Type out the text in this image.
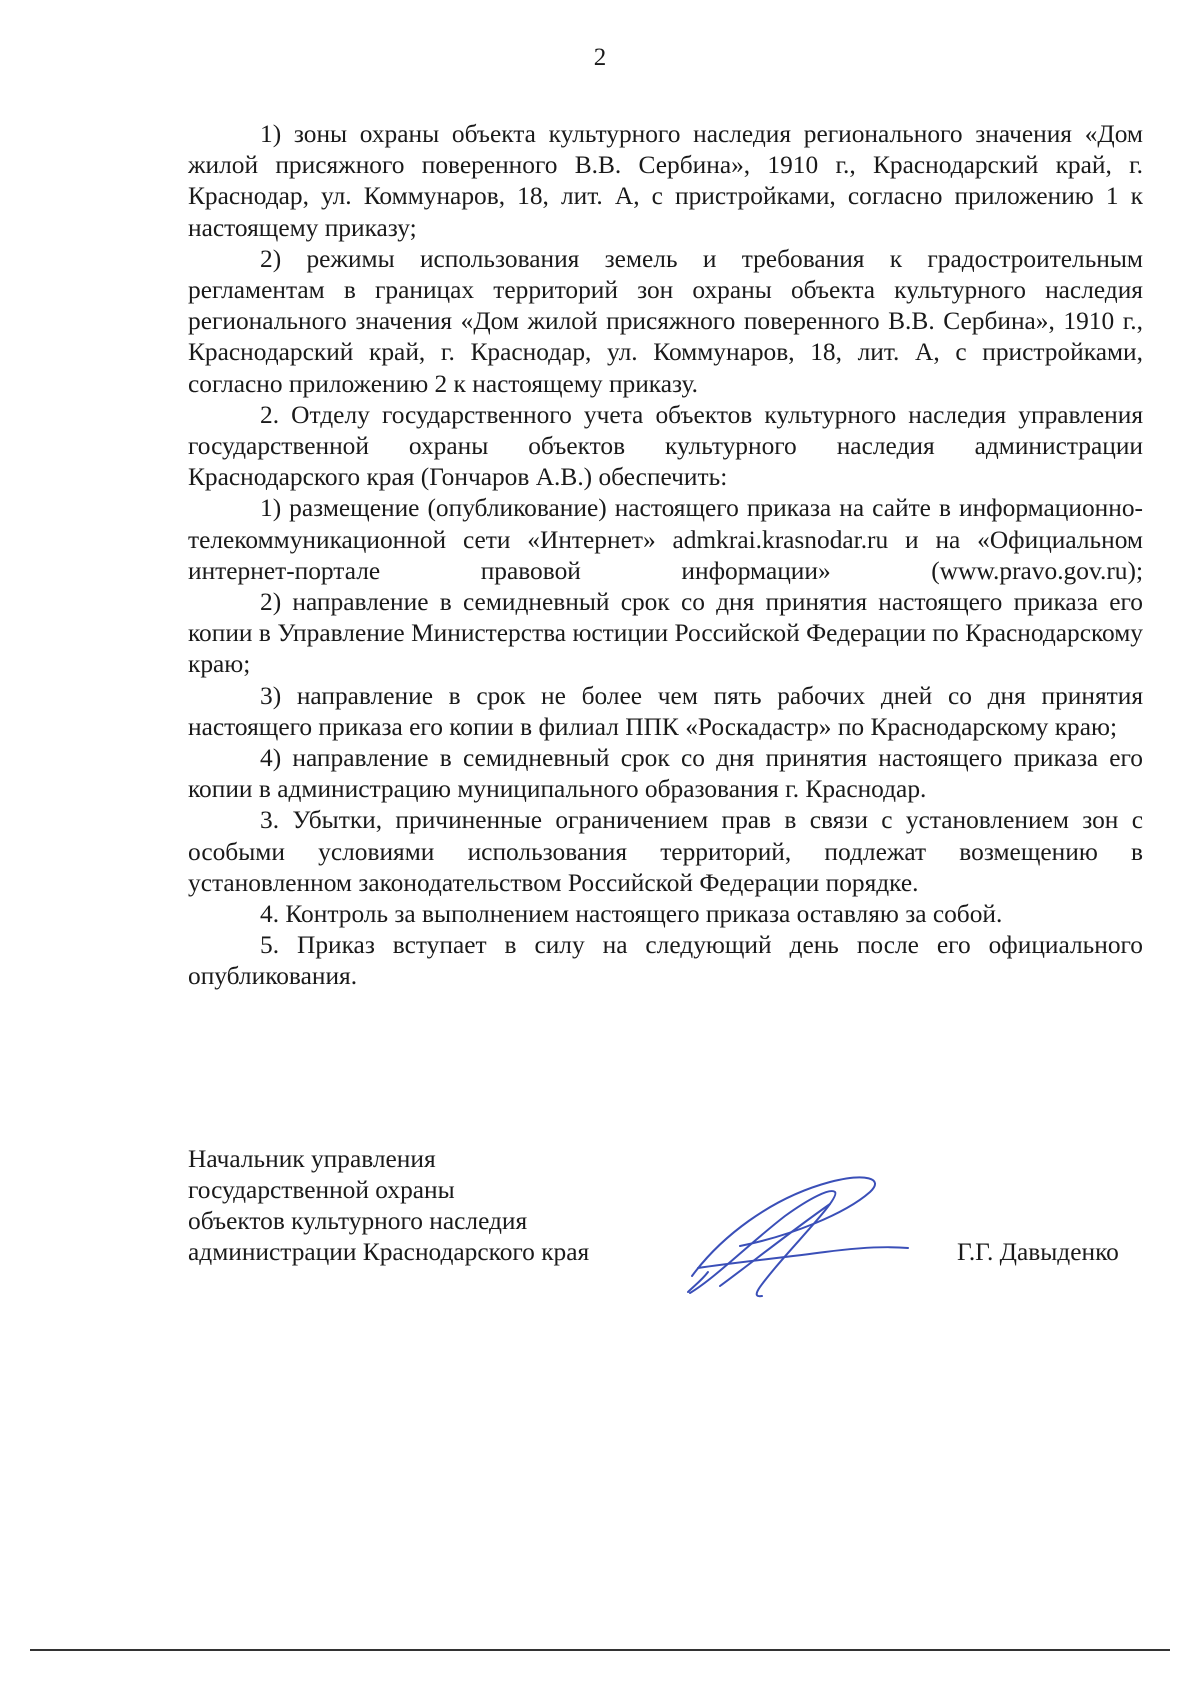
2

1) зоны охраны объекта культурного наследия регионального значения «Дом жилой присяжного поверенного В.В. Сербина», 1910 г., Краснодарский край, г. Краснодар, ул. Коммунаров, 18, лит. А, с пристройками, согласно приложению 1 к настоящему приказу;

2) режимы использования земель и требования к градостроительным регламентам в границах территорий зон охраны объекта культурного наследия регионального значения «Дом жилой присяжного поверенного В.В. Сербина», 1910 г., Краснодарский край, г. Краснодар, ул. Коммунаров, 18, лит. А, с пристройками, согласно приложению 2 к настоящему приказу.

2. Отделу государственного учета объектов культурного наследия управления государственной охраны объектов культурного наследия администрации Краснодарского края (Гончаров А.В.) обеспечить:

1) размещение (опубликование) настоящего приказа на сайте в информационно-телекоммуникационной сети «Интернет» admkrai.krasnodar.ru и на «Официальном интернет-портале правовой информации» (www.pravo.gov.ru);

2) направление в семидневный срок со дня принятия настоящего приказа его копии в Управление Министерства юстиции Российской Федерации по Краснодарскому краю;

3) направление в срок не более чем пять рабочих дней со дня принятия настоящего приказа его копии в филиал ППК «Роскадастр» по Краснодарскому краю;

4) направление в семидневный срок со дня принятия настоящего приказа его копии в администрацию муниципального образования г. Краснодар.

3. Убытки, причиненные ограничением прав в связи с установлением зон с особыми условиями использования территорий, подлежат возмещению в установленном законодательством Российской Федерации порядке.

4. Контроль за выполнением настоящего приказа оставляю за собой.

5. Приказ вступает в силу на следующий день после его официального опубликования.

Начальник управления
государственной охраны
объектов культурного наследия
администрации Краснодарского края	Г.Г. Давыденко
